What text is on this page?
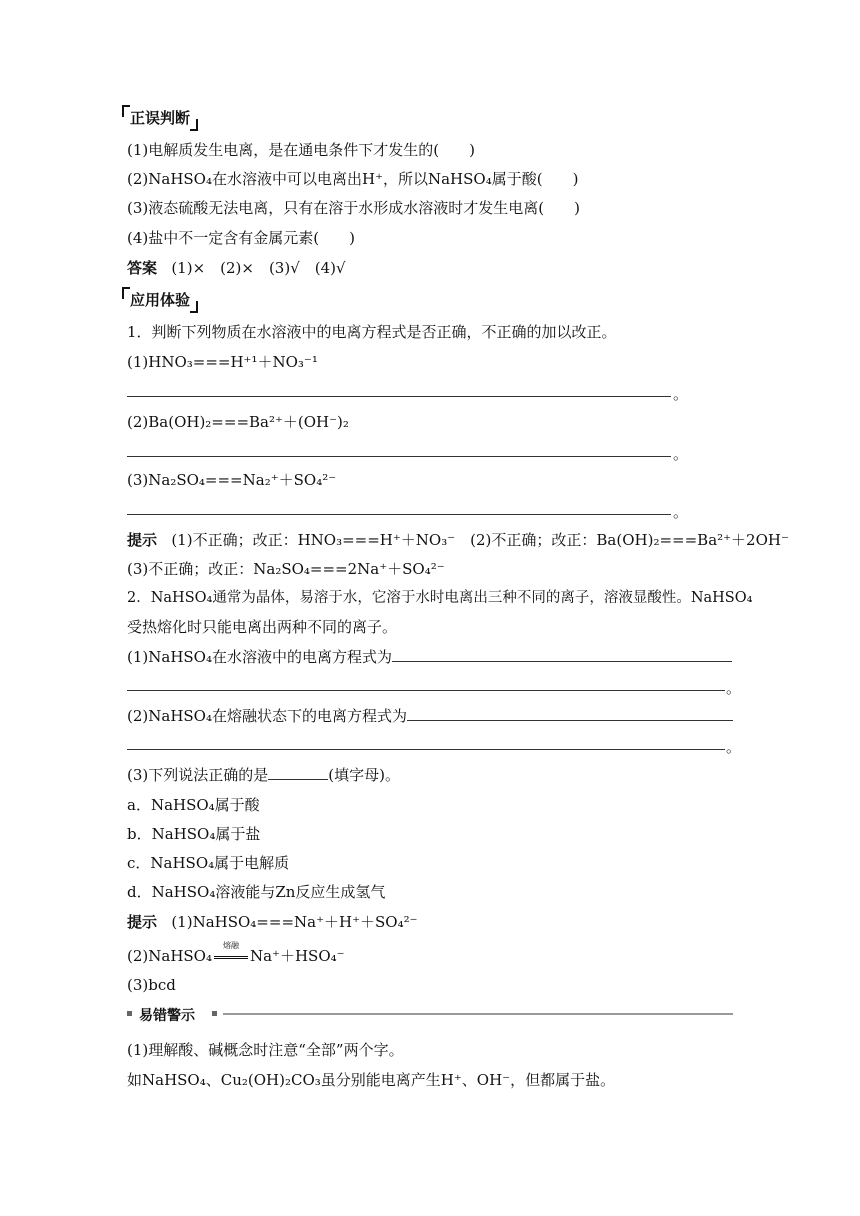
正误判断
(1)电解质发生电离，是在通电条件下才发生的(　　)
(2)NaHSO₄在水溶液中可以电离出H⁺，所以NaHSO₄属于酸(　　)
(3)液态硫酸无法电离，只有在溶于水形成水溶液时才发生电离(　　)
(4)盐中不一定含有金属元素(　　)
答案 (1)×　(2)×　(3)√　(4)√
应用体验
1．判断下列物质在水溶液中的电离方程式是否正确，不正确的加以改正。
(1)HNO₃===H⁺¹＋NO₃⁻¹
。
(2)Ba(OH)₂===Ba²⁺＋(OH⁻)₂
。
(3)Na₂SO₄===Na₂⁺＋SO₄²⁻
。
提示 (1)不正确；改正：HNO₃===H⁺＋NO₃⁻　(2)不正确；改正：Ba(OH)₂===Ba²⁺＋2OH⁻
(3)不正确；改正：Na₂SO₄===2Na⁺＋SO₄²⁻
2．NaHSO₄通常为晶体，易溶于水，它溶于水时电离出三种不同的离子，溶液显酸性。NaHSO₄
受热熔化时只能电离出两种不同的离子。
(1)NaHSO₄在水溶液中的电离方程式为
。
(2)NaHSO₄在熔融状态下的电离方程式为
。
(3)下列说法正确的是	(填字母)。
a．NaHSO₄属于酸
b．NaHSO₄属于盐
c．NaHSO₄属于电解质
d．NaHSO₄溶液能与Zn反应生成氢气
提示 (1)NaHSO₄===Na⁺＋H⁺＋SO₄²⁻
(2)NaHSO₄
熔融
Na⁺＋HSO₄⁻
(3)bcd
易错警示
(1)理解酸、碱概念时注意“全部”两个字。
如NaHSO₄、Cu₂(OH)₂CO₃虽分别能电离产生H⁺、OH⁻，但都属于盐。
